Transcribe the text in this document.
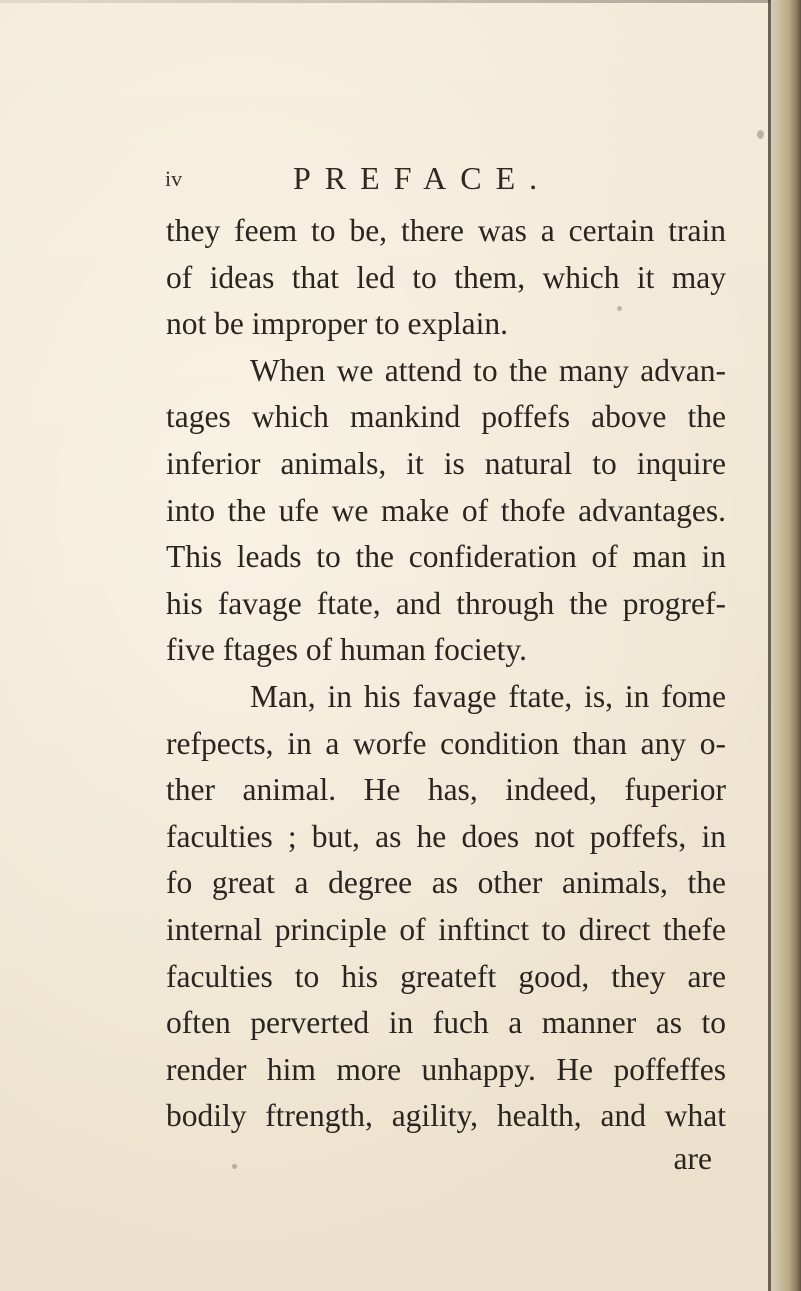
iv	PREFACE.
they feem to be, there was a certain train
of ideas that led to them, which it may
not be improper to explain.
When we attend to the many advan-
tages which mankind poffefs above the
inferior animals, it is natural to inquire
into the ufe we make of thofe advantages.
This leads to the confideration of man in
his favage ftate, and through the progref-
five ftages of human fociety.
Man, in his favage ftate, is, in fome
refpects, in a worfe condition than any o-
ther animal. He has, indeed, fuperior
faculties ; but, as he does not poffefs, in
fo great a degree as other animals, the
internal principle of inftinct to direct thefe
faculties to his greateft good, they are
often perverted in fuch a manner as to
render him more unhappy. He poffeffes
bodily ftrength, agility, health, and what
are
